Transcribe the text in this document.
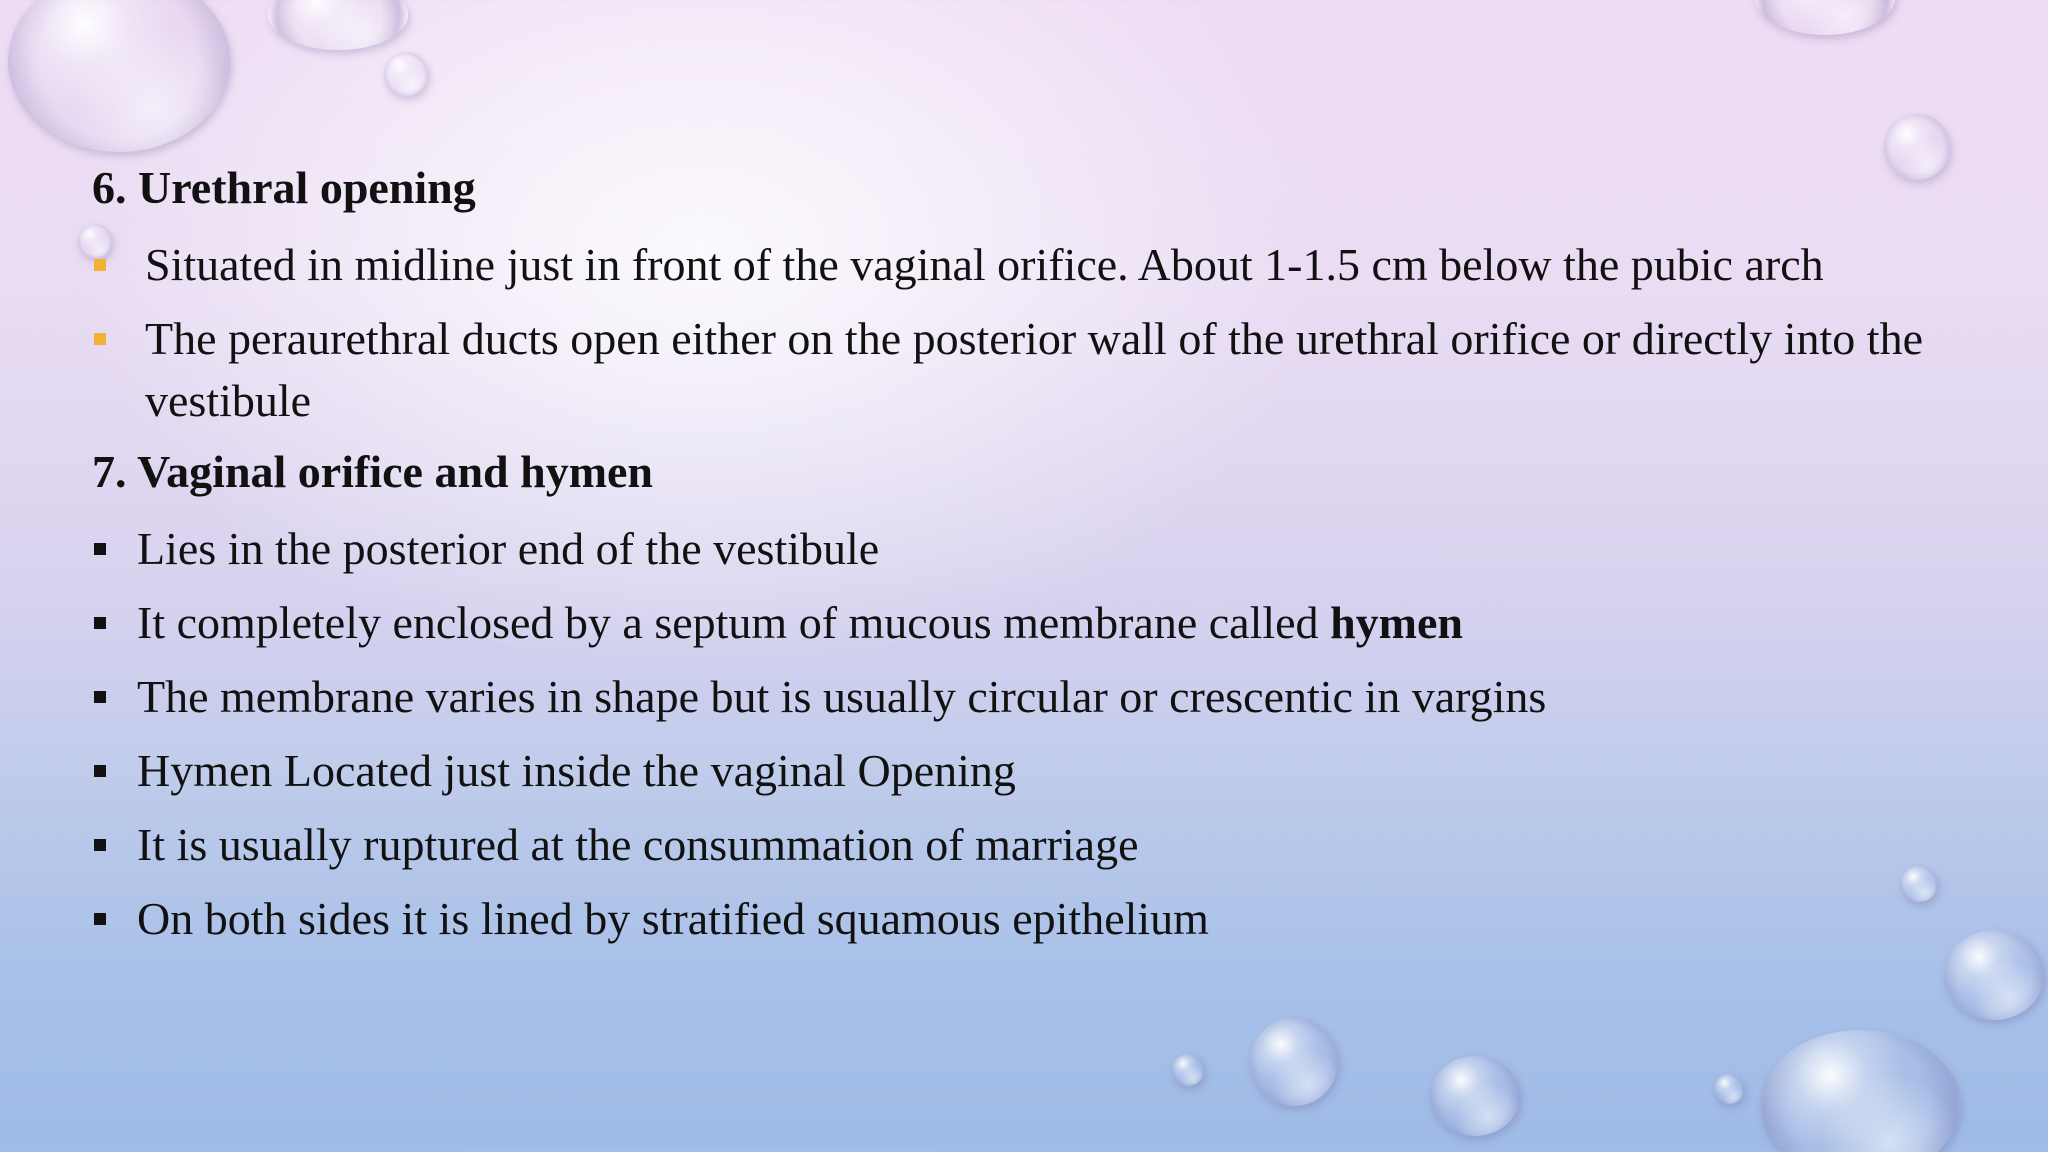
6. Urethral opening
Situated in midline just in front of the vaginal orifice. About 1-1.5 cm below the pubic arch
The peraurethral ducts open either on the posterior wall of the urethral orifice or directly into the vestibule
7. Vaginal orifice and hymen
Lies in the posterior end of the vestibule
It completely enclosed by a septum of mucous membrane called hymen
The membrane varies in shape but is usually circular or crescentic in vargins
Hymen Located just inside the vaginal Opening
It is usually ruptured at the consummation of marriage
On both sides it is lined by stratified squamous epithelium
